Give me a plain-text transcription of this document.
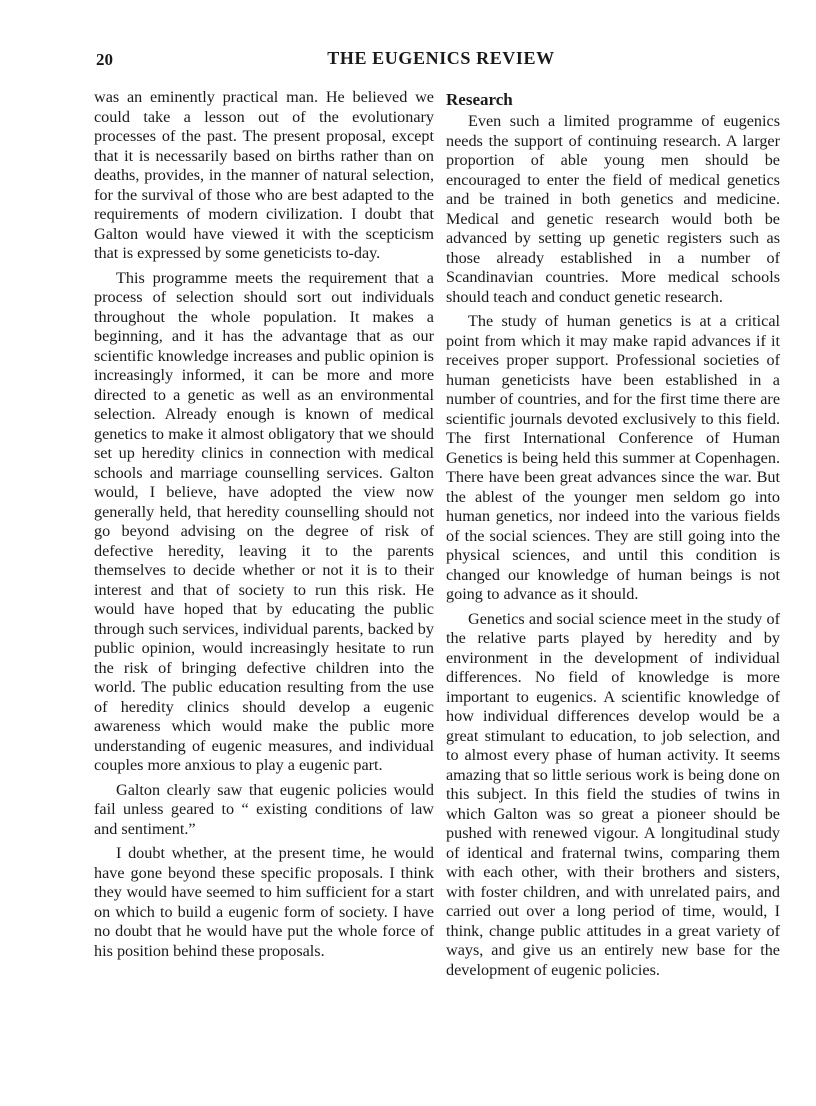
20	THE EUGENICS REVIEW

was an eminently practical man. He believed we could take a lesson out of the evolutionary processes of the past. The present proposal, except that it is necessarily based on births rather than on deaths, provides, in the manner of natural selection, for the survival of those who are best adapted to the requirements of modern civilization. I doubt that Galton would have viewed it with the scepticism that is expressed by some geneticists to-day.

This programme meets the requirement that a process of selection should sort out individuals throughout the whole population. It makes a beginning, and it has the advantage that as our scientific knowledge increases and public opinion is increasingly informed, it can be more and more directed to a genetic as well as an environmental selection. Already enough is known of medical genetics to make it almost obligatory that we should set up heredity clinics in connection with medical schools and marriage counselling services. Galton would, I believe, have adopted the view now generally held, that heredity counselling should not go beyond advising on the degree of risk of defective heredity, leaving it to the parents themselves to decide whether or not it is to their interest and that of society to run this risk. He would have hoped that by educating the public through such services, individual parents, backed by public opinion, would increasingly hesitate to run the risk of bringing defective children into the world. The public education resulting from the use of heredity clinics should develop a eugenic awareness which would make the public more understanding of eugenic measures, and individual couples more anxious to play a eugenic part.

Galton clearly saw that eugenic policies would fail unless geared to “ existing conditions of law and sentiment.”

I doubt whether, at the present time, he would have gone beyond these specific proposals. I think they would have seemed to him sufficient for a start on which to build a eugenic form of society. I have no doubt that he would have put the whole force of his position behind these proposals.

Research

Even such a limited programme of eugenics needs the support of continuing research. A larger proportion of able young men should be encouraged to enter the field of medical genetics and be trained in both genetics and medicine. Medical and genetic research would both be advanced by setting up genetic registers such as those already established in a number of Scandinavian countries. More medical schools should teach and conduct genetic research.

The study of human genetics is at a critical point from which it may make rapid advances if it receives proper support. Professional societies of human geneticists have been established in a number of countries, and for the first time there are scientific journals devoted exclusively to this field. The first International Conference of Human Genetics is being held this summer at Copenhagen. There have been great advances since the war. But the ablest of the younger men seldom go into human genetics, nor indeed into the various fields of the social sciences. They are still going into the physical sciences, and until this condition is changed our knowledge of human beings is not going to advance as it should.

Genetics and social science meet in the study of the relative parts played by heredity and by environment in the development of individual differences. No field of knowledge is more important to eugenics. A scientific knowledge of how individual differences develop would be a great stimulant to education, to job selection, and to almost every phase of human activity. It seems amazing that so little serious work is being done on this subject. In this field the studies of twins in which Galton was so great a pioneer should be pushed with renewed vigour. A longitudinal study of identical and fraternal twins, comparing them with each other, with their brothers and sisters, with foster children, and with unrelated pairs, and carried out over a long period of time, would, I think, change public attitudes in a great variety of ways, and give us an entirely new base for the development of eugenic policies.
